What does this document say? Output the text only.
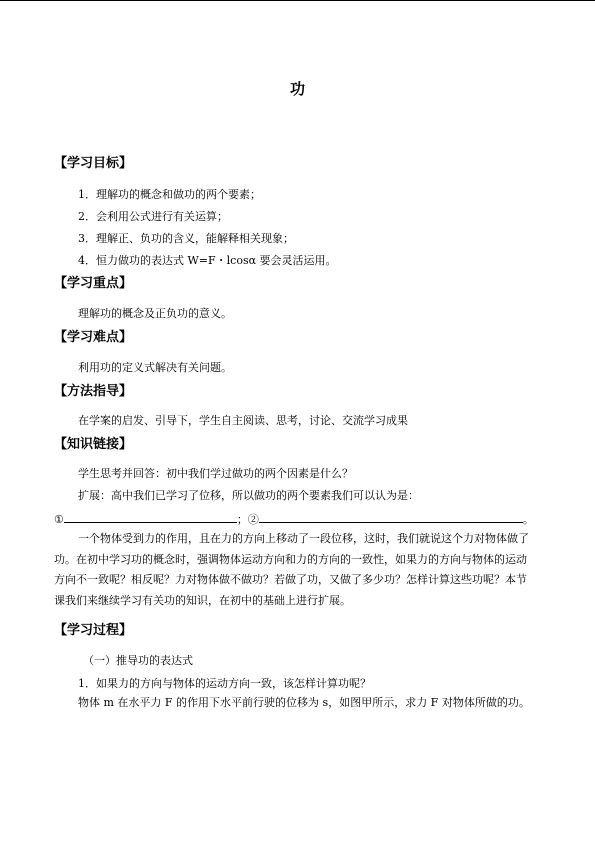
功
【学习目标】
1．理解功的概念和做功的两个要素；
2．会利用公式进行有关运算；
3．理解正、负功的含义，能解释相关现象；
4．恒力做功的表达式 W=F・lcosα 要会灵活运用。
【学习重点】
理解功的概念及正负功的意义。
【学习难点】
利用功的定义式解决有关问题。
【方法指导】
在学案的启发、引导下，学生自主阅读、思考，讨论、交流学习成果
【知识链接】
学生思考并回答：初中我们学过做功的两个因素是什么？
扩展：高中我们已学习了位移，所以做功的两个要素我们可以认为是：
①	；②	。
一个物体受到力的作用，且在力的方向上移动了一段位移，这时，我们就说这个力对物体做了功。在初中学习功的概念时，强调物体运动方向和力的方向的一致性，如果力的方向与物体的运动方向不一致呢？相反呢？力对物体做不做功？若做了功，又做了多少功？怎样计算这些功呢？本节课我们来继续学习有关功的知识，在初中的基础上进行扩展。
【学习过程】
（一）推导功的表达式
1．如果力的方向与物体的运动方向一致，该怎样计算功呢？
物体 m 在水平力 F 的作用下水平前行驶的位移为 s，如图甲所示，求力 F 对物体所做的功。
